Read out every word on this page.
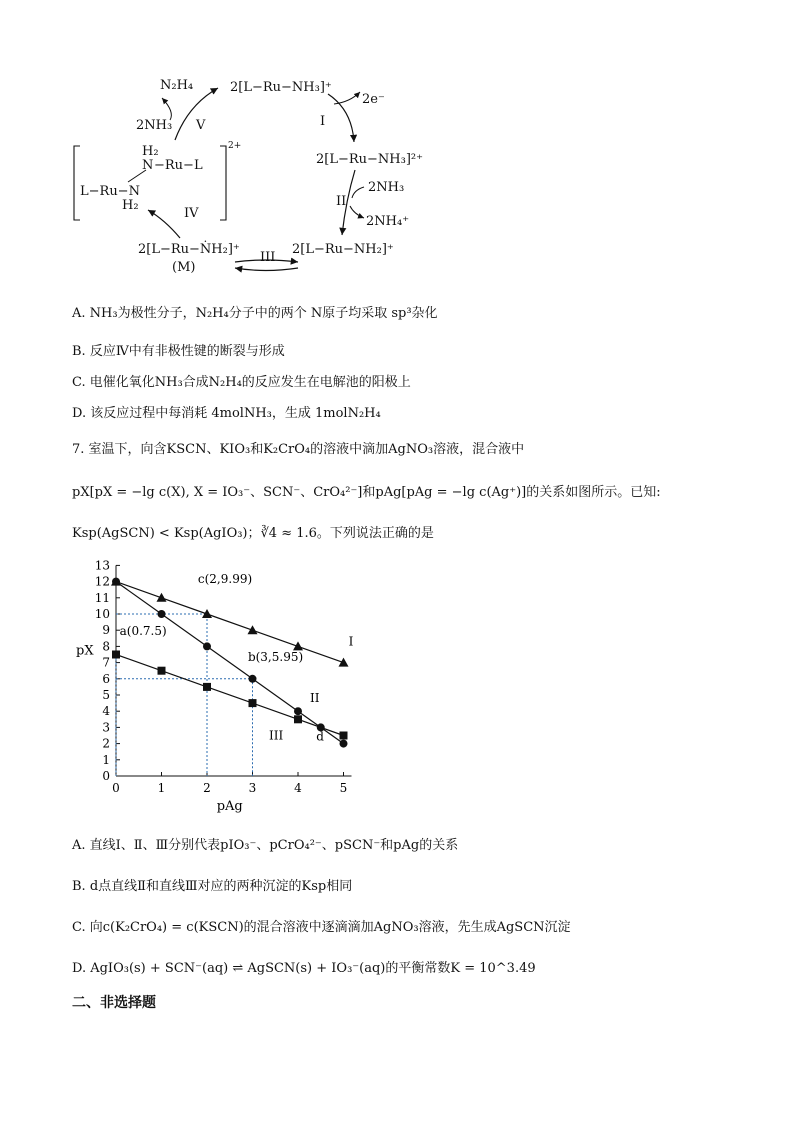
N₂H₄
2NH₃ V
2[L−Ru−NH₃]⁺
2e⁻
I
2[L−Ru−NH₃]²⁺
2NH₃
II
2NH₄⁺
2[L−Ru−NH₂]⁺
III
2[L−Ru−ṄH₂]⁺
(M)
IV
H₂
N −Ru−L
L−Ru−N
H₂
2+
A. NH₃为极性分子，N₂H₄分子中的两个 N原子均采取 sp³杂化
B. 反应Ⅳ中有非极性键的断裂与形成
C. 电催化氧化NH₃合成N₂H₄的反应发生在电解池的阳极上
D. 该反应过程中每消耗 4molNH₃，生成 1molN₂H₄
7. 室温下，向含KSCN、KIO₃和K₂CrO₄的溶液中滴加AgNO₃溶液，混合液中
pX[pX = −lg c(X), X = IO₃⁻、SCN⁻、CrO₄²⁻]和pAg[pAg = −lg c(Ag⁺)]的关系如图所示。已知:
Ksp(AgSCN) < Ksp(AgIO₃)；∛4 ≈ 1.6。下列说法正确的是
0
1
2
3
4
5
6
7
8
9
10
11
12
13
0	1	2	3	4	5
pAg
pX
I
II
III
a(0.7.5)
b(3,5.95)
c(2,9.99)
d
A. 直线Ⅰ、Ⅱ、Ⅲ分别代表pIO₃⁻、pCrO₄²⁻、pSCN⁻和pAg的关系
B. d点直线Ⅱ和直线Ⅲ对应的两种沉淀的Ksp相同
C. 向c(K₂CrO₄) = c(KSCN)的混合溶液中逐滴滴加AgNO₃溶液，先生成AgSCN沉淀
D. AgIO₃(s) + SCN⁻(aq) ⇌ AgSCN(s) + IO₃⁻(aq)的平衡常数K = 10^3.49
二、非选择题
